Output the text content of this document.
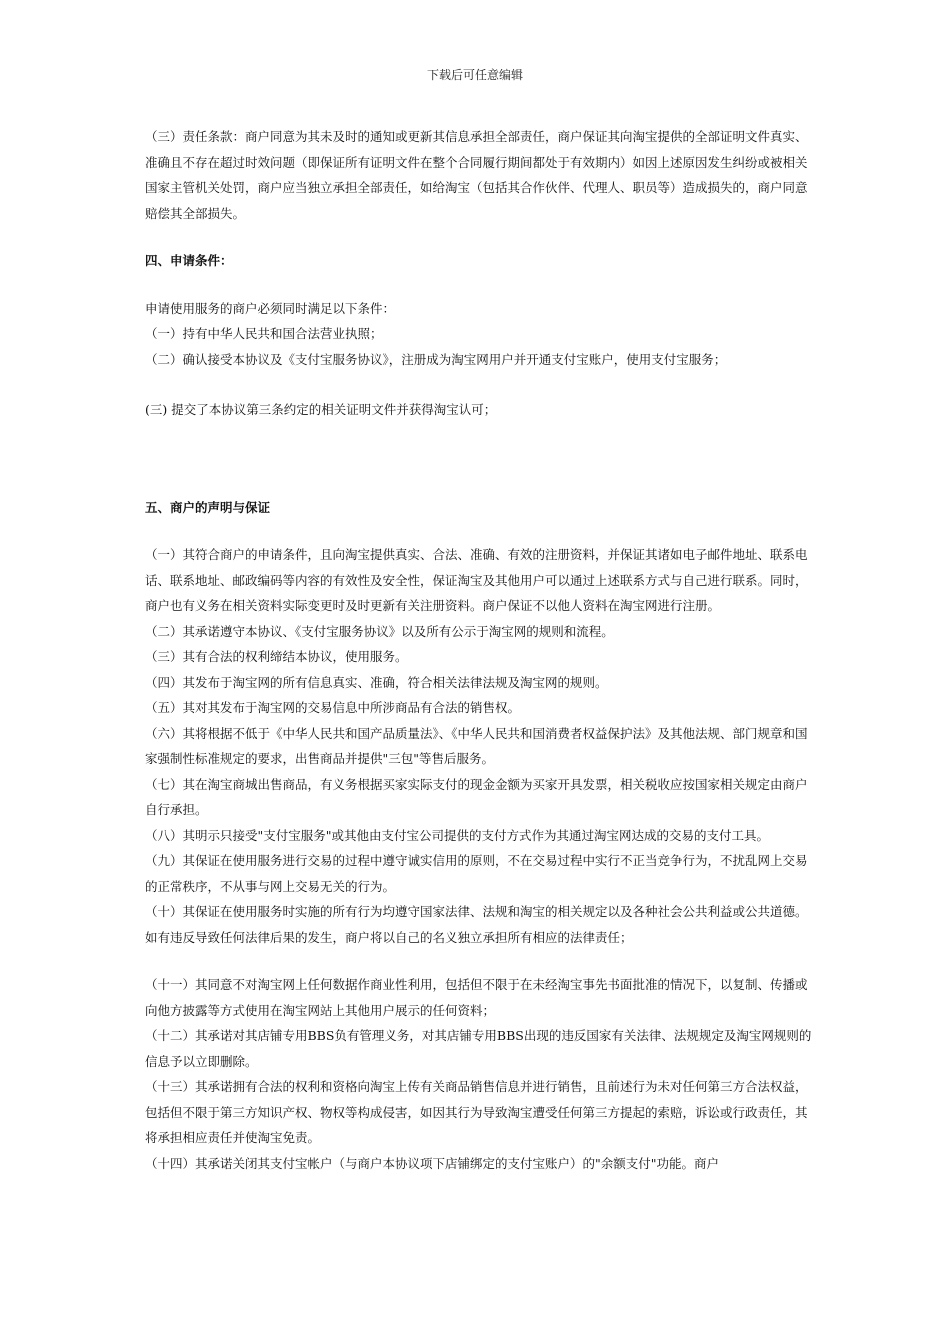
下载后可任意编辑

（三）责任条款：商户同意为其未及时的通知或更新其信息承担全部责任，商户保证其向淘宝提供的全部证明文件真实、准确且不存在超过时效问题（即保证所有证明文件在整个合同履行期间都处于有效期内）如因上述原因发生纠纷或被相关国家主管机关处罚，商户应当独立承担全部责任，如给淘宝（包括其合作伙伴、代理人、职员等）造成损失的，商户同意赔偿其全部损失。

四、申请条件：

申请使用服务的商户必须同时满足以下条件：

（一）持有中华人民共和国合法营业执照；

（二）确认接受本协议及《支付宝服务协议》，注册成为淘宝网用户并开通支付宝账户，使用支付宝服务；

(三) 提交了本协议第三条约定的相关证明文件并获得淘宝认可；

五、商户的声明与保证

（一）其符合商户的申请条件，且向淘宝提供真实、合法、准确、有效的注册资料，并保证其诸如电子邮件地址、联系电话、联系地址、邮政编码等内容的有效性及安全性，保证淘宝及其他用户可以通过上述联系方式与自己进行联系。同时，商户也有义务在相关资料实际变更时及时更新有关注册资料。商户保证不以他人资料在淘宝网进行注册。

（二）其承诺遵守本协议、《支付宝服务协议》以及所有公示于淘宝网的规则和流程。

（三）其有合法的权利缔结本协议，使用服务。

（四）其发布于淘宝网的所有信息真实、准确，符合相关法律法规及淘宝网的规则。

（五）其对其发布于淘宝网的交易信息中所涉商品有合法的销售权。

（六）其将根据不低于《中华人民共和国产品质量法》、《中华人民共和国消费者权益保护法》及其他法规、部门规章和国家强制性标准规定的要求，出售商品并提供"三包"等售后服务。

（七）其在淘宝商城出售商品，有义务根据买家实际支付的现金金额为买家开具发票，相关税收应按国家相关规定由商户自行承担。

（八）其明示只接受"支付宝服务"或其他由支付宝公司提供的支付方式作为其通过淘宝网达成的交易的支付工具。

（九）其保证在使用服务进行交易的过程中遵守诚实信用的原则，不在交易过程中实行不正当竞争行为，不扰乱网上交易的正常秩序，不从事与网上交易无关的行为。

（十）其保证在使用服务时实施的所有行为均遵守国家法律、法规和淘宝的相关规定以及各种社会公共利益或公共道德。如有违反导致任何法律后果的发生，商户将以自己的名义独立承担所有相应的法律责任；

（十一）其同意不对淘宝网上任何数据作商业性利用，包括但不限于在未经淘宝事先书面批准的情况下，以复制、传播或向他方披露等方式使用在淘宝网站上其他用户展示的任何资料；

（十二）其承诺对其店铺专用BBS负有管理义务，对其店铺专用BBS出现的违反国家有关法律、法规规定及淘宝网规则的信息予以立即删除。

（十三）其承诺拥有合法的权利和资格向淘宝上传有关商品销售信息并进行销售，且前述行为未对任何第三方合法权益，包括但不限于第三方知识产权、物权等构成侵害，如因其行为导致淘宝遭受任何第三方提起的索赔，诉讼或行政责任，其将承担相应责任并使淘宝免责。

（十四）其承诺关闭其支付宝帐户（与商户本协议项下店铺绑定的支付宝账户）的"余额支付"功能。商户
